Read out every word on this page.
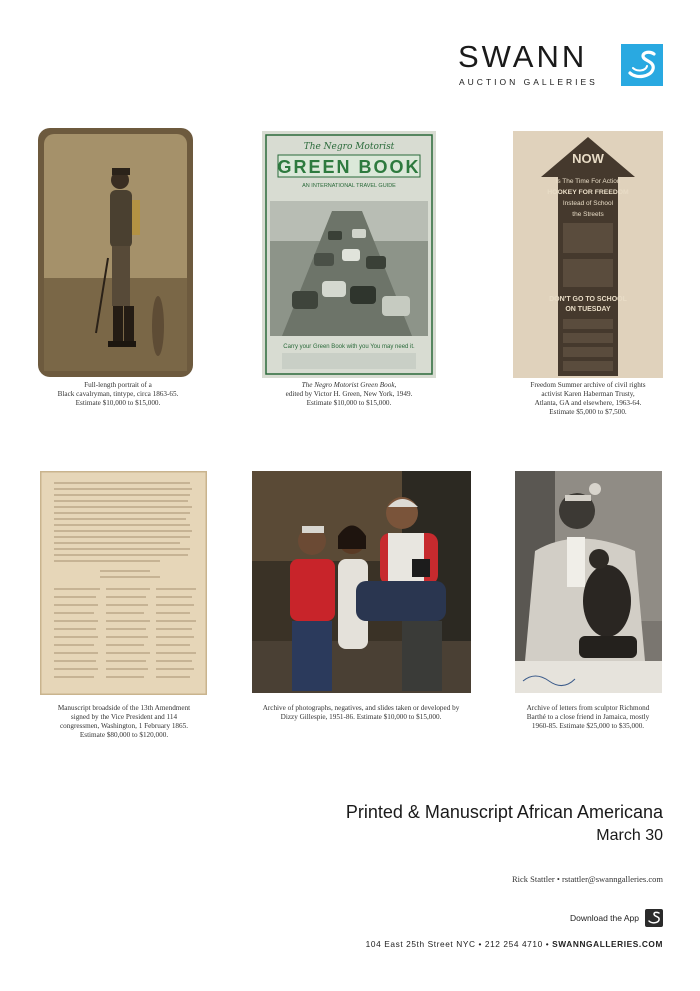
SWANN
AUCTION GALLERIES
Full-length portrait of a
Black cavalryman, tintype, circa 1863-65.
Estimate $10,000 to $15,000.
The Negro Motorist
GREEN BOOK
AN INTERNATIONAL TRAVEL GUIDE
Carry your Green Book with you You may need it.
The Negro Motorist Green Book,
edited by Victor H. Green, New York, 1949.
Estimate $10,000 to $15,000.
NOW
Is The Time For Action
HOOKEY FOR FREEDOM
Instead of School
the Streets
DON'T GO TO SCHOOL
ON TUESDAY
Freedom Summer archive of civil rights
activist Karen Haberman Trusty,
Atlanta, GA and elsewhere, 1963-64.
Estimate $5,000 to $7,500.
Manuscript broadside of the 13th Amendment
signed by the Vice President and 114
congressmen, Washington, 1 February 1865.
Estimate $80,000 to $120,000.
Archive of photographs, negatives, and slides taken or developed by
Dizzy Gillespie, 1951-86. Estimate $10,000 to $15,000.
Archive of letters from sculptor Richmond
Barthé to a close friend in Jamaica, mostly
1960-85. Estimate $25,000 to $35,000.
Printed & Manuscript African Americana
March 30
Rick Stattler • rstattler@swanngalleries.com
Download the App
104 East 25th Street NYC • 212 254 4710 • SWANNGALLERIES.COM
